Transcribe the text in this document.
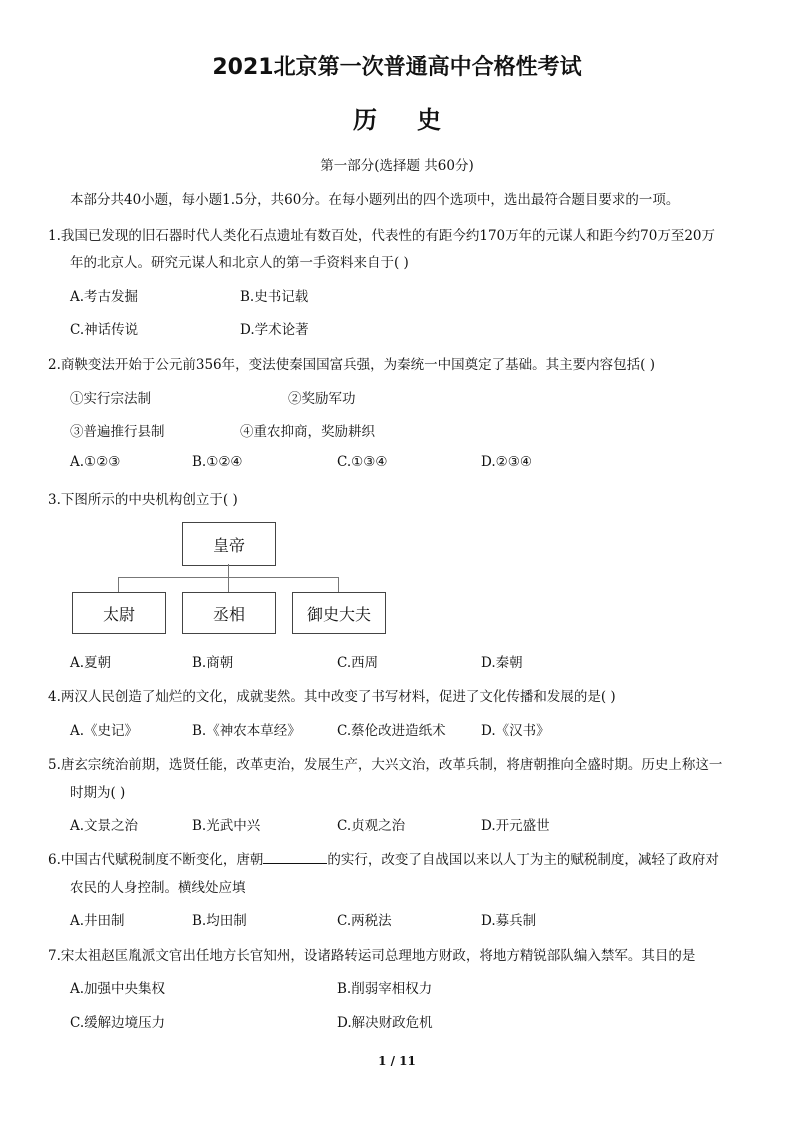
2021北京第一次普通高中合格性考试
历史
第一部分(选择题 共60分)
本部分共40小题，每小题1.5分，共60分。在每小题列出的四个选项中，选出最符合题目要求的一项。
1.我国已发现的旧石器时代人类化石点遗址有数百处，代表性的有距今约170万年的元谋人和距今约70万至20万
年的北京人。研究元谋人和北京人的第一手资料来自于( )
A.考古发掘	B.史书记载
C.神话传说	D.学术论著
2.商鞅变法开始于公元前356年，变法使秦国国富兵强，为秦统一中国奠定了基础。其主要内容包括( )
①实行宗法制	②奖励军功
③普遍推行县制	④重农抑商，奖励耕织
A.①②③	B.①②④	C.①③④	D.②③④
3.下图所示的中央机构创立于( )
皇帝
太尉	丞相	御史大夫
A.夏朝	B.商朝	C.西周	D.秦朝
4.两汉人民创造了灿烂的文化，成就斐然。其中改变了书写材料，促进了文化传播和发展的是( )
A.《史记》	B.《神农本草经》	C.蔡伦改进造纸术	D.《汉书》
5.唐玄宗统治前期，选贤任能，改革吏治，发展生产，大兴文治，改革兵制，将唐朝推向全盛时期。历史上称这一
时期为( )
A.文景之治	B.光武中兴	C.贞观之治	D.开元盛世
6.中国古代赋税制度不断变化，唐朝	的实行，改变了自战国以来以人丁为主的赋税制度，减轻了政府对
农民的人身控制。横线处应填
A.井田制	B.均田制	C.两税法	D.募兵制
7.宋太祖赵匡胤派文官出任地方长官知州，设诸路转运司总理地方财政，将地方精锐部队编入禁军。其目的是
A.加强中央集权	B.削弱宰相权力
C.缓解边境压力	D.解决财政危机
1 / 11
